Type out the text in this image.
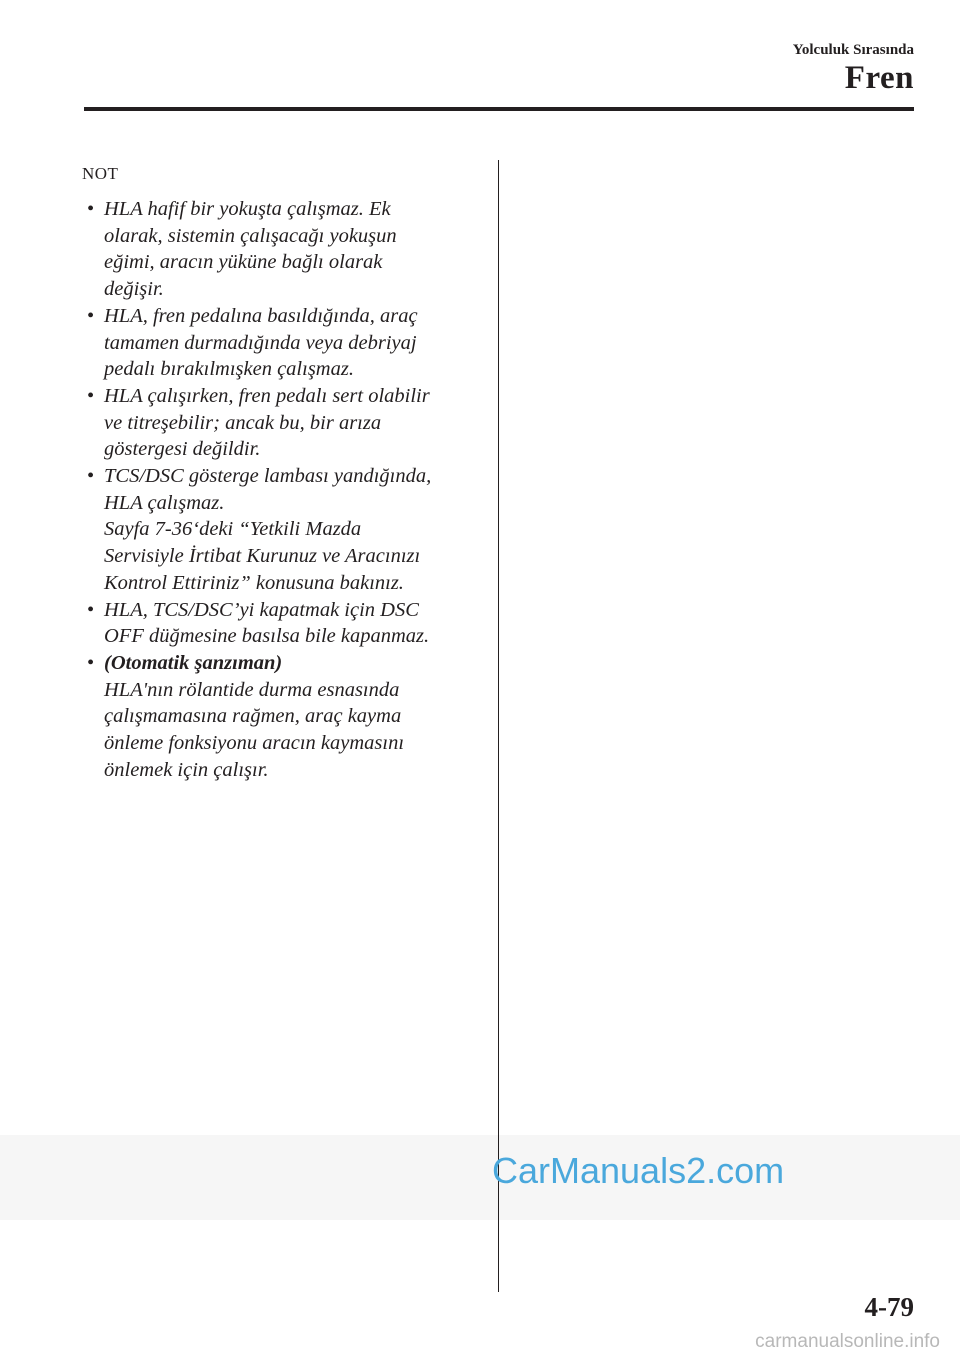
Yolculuk Sırasında
Fren
NOT
• HLA hafif bir yokuşta çalışmaz. Ek
olarak, sistemin çalışacağı yokuşun
eğimi, aracın yüküne bağlı olarak
değişir.
• HLA, fren pedalına basıldığında, araç
tamamen durmadığında veya debriyaj
pedalı bırakılmışken çalışmaz.
• HLA çalışırken, fren pedalı sert olabilir
ve titreşebilir; ancak bu, bir arıza
göstergesi değildir.
• TCS/DSC gösterge lambası yandığında,
HLA çalışmaz.
Sayfa 7-36‘deki “Yetkili Mazda
Servisiyle İrtibat Kurunuz ve Aracınızı
Kontrol Ettiriniz” konusuna bakınız.
• HLA, TCS/DSC’yi kapatmak için DSC
OFF düğmesine basılsa bile kapanmaz.
• (Otomatik şanzıman)
HLA'nın rölantide durma esnasında
çalışmamasına rağmen, araç kayma
önleme fonksiyonu aracın kaymasını
önlemek için çalışır.
CarManuals2.com
4-79
carmanualsonline.info
